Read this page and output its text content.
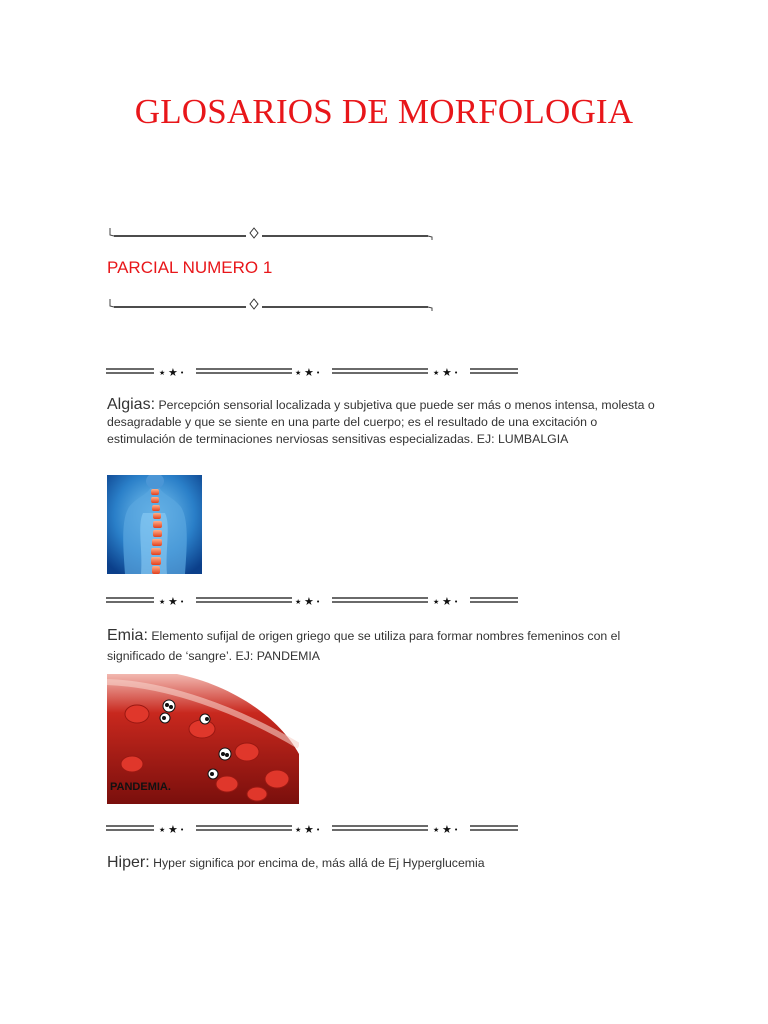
GLOSARIOS DE MORFOLOGIA
PARCIAL NUMERO 1
★ ★ •	★ ★ •	★ ★ •
Algias: Percepción sensorial localizada y subjetiva que puede ser más o menos intensa, molesta o desagradable y que se siente en una parte del cuerpo; es el resultado de una excitación o estimulación de terminaciones nerviosas sensitivas especializadas. EJ: LUMBALGIA
★ ★ •	★ ★ •	★ ★ •
Emia: Elemento sufijal de origen griego que se utiliza para formar nombres femeninos con el significado de ‘sangre’. EJ: PANDEMIA
PANDEMIA.
★ ★ •	★ ★ •	★ ★ •
Hiper: Hyper significa por encima de, más allá de Ej Hyperglucemia
